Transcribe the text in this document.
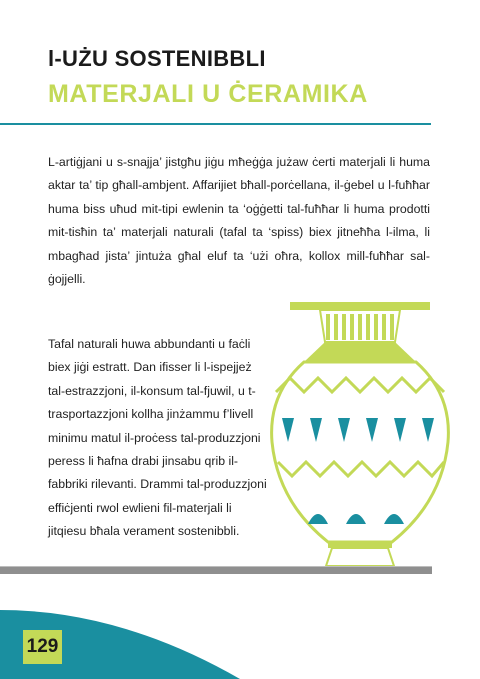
l-UŻU SOSTENIBBLI
MATERJALI U ĊERAMIKA
L-artiġjani u s-snajja’ jistgħu jiġu mħeġġa jużaw ċerti materjali li huma aktar ta’ tip għall-ambjent. Affarijiet bħall-porċellana, il-ġebel u l-fuħħar huma biss uħud mit-tipi ewlenin ta ‘oġġetti tal-fuħħar li huma prodotti mit-tisħin ta’ materjali naturali (tafal ta ‘spiss) biex jitneħħa l-ilma, li mbagħad jista’ jintuża għal eluf ta ‘użi oħra, kollox mill-fuħħar sal-ġojjelli.
Tafal naturali huwa abbundanti u faċli biex jiġi estratt. Dan ifisser li l-ispejjeż tal-estrazzjoni, il-konsum tal-fjuwil, u t-trasportazzjoni kollha jinżammu f’livell minimu matul il-proċess tal-produzzjoni peress li ħafna drabi jinsabu qrib il-fabbriki rilevanti. Drammi tal-produzzjoni effiċjenti rwol ewlieni fil-materjali li jitqiesu bħala verament sostenibbli.
129
